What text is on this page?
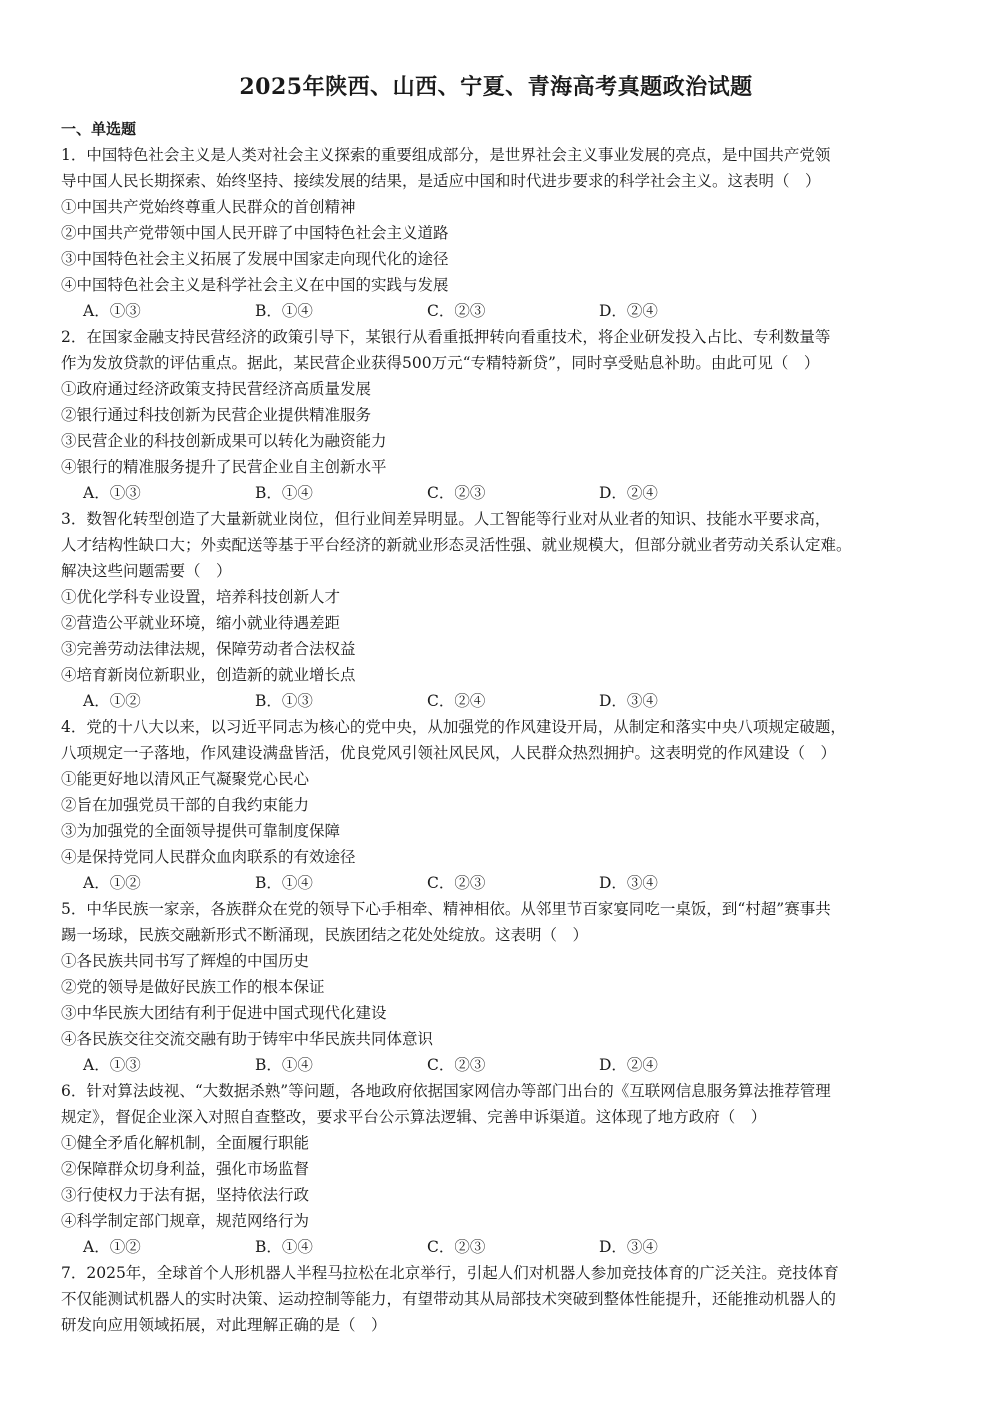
2025年陕西、山西、宁夏、青海高考真题政治试题
一、单选题
1．中国特色社会主义是人类对社会主义探索的重要组成部分，是世界社会主义事业发展的亮点，是中国共产党领
导中国人民长期探索、始终坚持、接续发展的结果，是适应中国和时代进步要求的科学社会主义。这表明（　）
①中国共产党始终尊重人民群众的首创精神
②中国共产党带领中国人民开辟了中国特色社会主义道路
③中国特色社会主义拓展了发展中国家走向现代化的途径
④中国特色社会主义是科学社会主义在中国的实践与发展
A．①③	B．①④	C．②③	D．②④
2．在国家金融支持民营经济的政策引导下，某银行从看重抵押转向看重技术，将企业研发投入占比、专利数量等
作为发放贷款的评估重点。据此，某民营企业获得500万元“专精特新贷”，同时享受贴息补助。由此可见（　）
①政府通过经济政策支持民营经济高质量发展
②银行通过科技创新为民营企业提供精准服务
③民营企业的科技创新成果可以转化为融资能力
④银行的精准服务提升了民营企业自主创新水平
A．①③	B．①④	C．②③	D．②④
3．数智化转型创造了大量新就业岗位，但行业间差异明显。人工智能等行业对从业者的知识、技能水平要求高，
人才结构性缺口大；外卖配送等基于平台经济的新就业形态灵活性强、就业规模大，但部分就业者劳动关系认定难。
解决这些问题需要（　）
①优化学科专业设置，培养科技创新人才
②营造公平就业环境，缩小就业待遇差距
③完善劳动法律法规，保障劳动者合法权益
④培育新岗位新职业，创造新的就业增长点
A．①②	B．①③	C．②④	D．③④
4．党的十八大以来，以习近平同志为核心的党中央，从加强党的作风建设开局，从制定和落实中央八项规定破题，
八项规定一子落地，作风建设满盘皆活，优良党风引领社风民风，人民群众热烈拥护。这表明党的作风建设（　）
①能更好地以清风正气凝聚党心民心
②旨在加强党员干部的自我约束能力
③为加强党的全面领导提供可靠制度保障
④是保持党同人民群众血肉联系的有效途径
A．①②	B．①④	C．②③	D．③④
5．中华民族一家亲，各族群众在党的领导下心手相牵、精神相依。从邻里节百家宴同吃一桌饭，到“村超”赛事共
踢一场球，民族交融新形式不断涌现，民族团结之花处处绽放。这表明（　）
①各民族共同书写了辉煌的中国历史
②党的领导是做好民族工作的根本保证
③中华民族大团结有利于促进中国式现代化建设
④各民族交往交流交融有助于铸牢中华民族共同体意识
A．①③	B．①④	C．②③	D．②④
6．针对算法歧视、“大数据杀熟”等问题，各地政府依据国家网信办等部门出台的《互联网信息服务算法推荐管理
规定》，督促企业深入对照自查整改，要求平台公示算法逻辑、完善申诉渠道。这体现了地方政府（　）
①健全矛盾化解机制，全面履行职能
②保障群众切身利益，强化市场监督
③行使权力于法有据，坚持依法行政
④科学制定部门规章，规范网络行为
A．①②	B．①④	C．②③	D．③④
7．2025年，全球首个人形机器人半程马拉松在北京举行，引起人们对机器人参加竞技体育的广泛关注。竞技体育
不仅能测试机器人的实时决策、运动控制等能力，有望带动其从局部技术突破到整体性能提升，还能推动机器人的
研发向应用领域拓展，对此理解正确的是（　）
